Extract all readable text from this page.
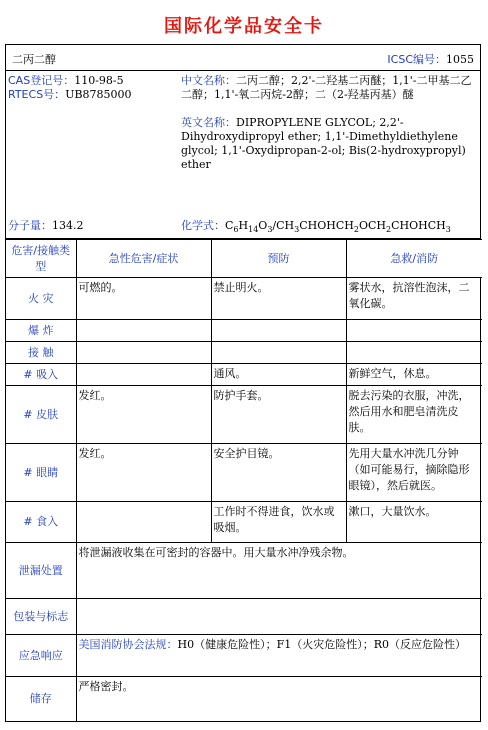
国际化学品安全卡
二丙二醇	ICSC编号：1055
CAS登记号：110-98-5
RTECS号：UB8785000
中文名称：二丙二醇；2,2'-二羟基二丙醚；1,1'-二甲基二乙二醇；1,1'-氧二丙烷-2醇；二（2-羟基丙基）醚
英文名称：DIPROPYLENE GLYCOL; 2,2'-Dihydroxydipropyl ether; 1,1'-Dimethyldiethylene glycol; 1,1'-Oxydipropan-2-ol; Bis(2-hydroxypropyl) ether
分子量：134.2	化学式：$C_6H_{14}O_3/CH_3CHOHCH_2OCH_2CHOHCH_3$
危害/接触类型	急性危害/症状	预防	急救/消防
火 灾	可燃的。	禁止明火。	雾状水，抗溶性泡沫，二氧化碳。
爆 炸			
接 触			
# 吸入		通风。	新鲜空气，休息。
# 皮肤	发红。	防护手套。	脱去污染的衣服，冲洗，然后用水和肥皂清洗皮肤。
# 眼睛	发红。	安全护目镜。	先用大量水冲洗几分钟（如可能易行，摘除隐形眼镜），然后就医。
# 食入		工作时不得进食，饮水或吸烟。	漱口，大量饮水。
泄漏处置	将泄漏液收集在可密封的容器中。用大量水冲净残余物。		
包装与标志			
应急响应	美国消防协会法规：H0（健康危险性）；F1（火灾危险性）；R0（反应危险性）		
储存	严格密封。		
